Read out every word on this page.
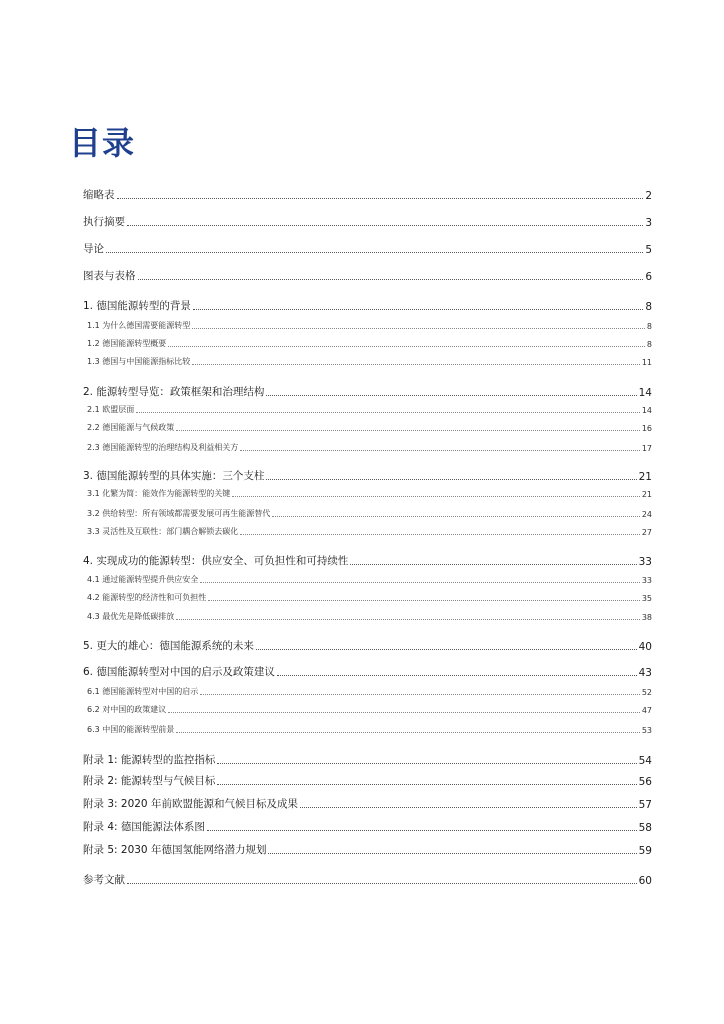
目录
缩略表	2
执行摘要	3
导论	5
图表与表格	6
1. 德国能源转型的背景	8
1.1 为什么德国需要能源转型	8
1.2 德国能源转型概要	8
1.3 德国与中国能源指标比较	11
2. 能源转型导览：政策框架和治理结构	14
2.1 欧盟层面	14
2.2 德国能源与气候政策	16
2.3 德国能源转型的治理结构及利益相关方	17
3. 德国能源转型的具体实施：三个支柱	21
3.1 化繁为简：能效作为能源转型的关键	21
3.2 供给转型：所有领域都需要发展可再生能源替代	24
3.3 灵活性及互联性：部门耦合解锁去碳化	27
4. 实现成功的能源转型：供应安全、可负担性和可持续性	33
4.1 通过能源转型提升供应安全	33
4.2 能源转型的经济性和可负担性	35
4.3 最优先是降低碳排放	38
5. 更大的雄心：德国能源系统的未来	40
6. 德国能源转型对中国的启示及政策建议	43
6.1 德国能源转型对中国的启示	52
6.2 对中国的政策建议	47
6.3 中国的能源转型前景	53
附录 1: 能源转型的监控指标	54
附录 2: 能源转型与气候目标	56
附录 3: 2020 年前欧盟能源和气候目标及成果	57
附录 4: 德国能源法体系图	58
附录 5: 2030 年德国氢能网络潜力规划	59
参考文献	60
